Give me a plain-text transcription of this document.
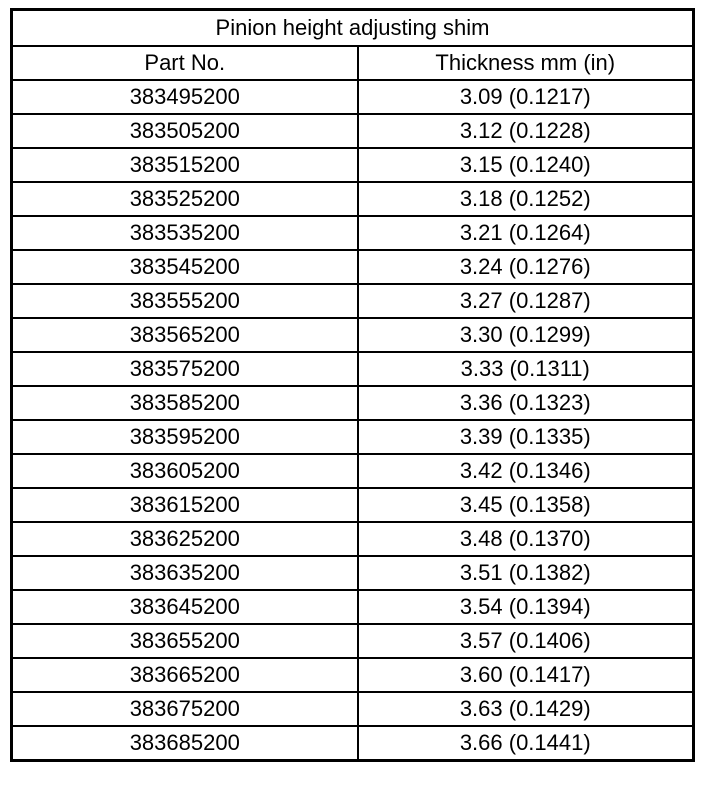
Pinion height adjusting shim	
Part No.	Thickness mm (in)
383495200	3.09 (0.1217)
383505200	3.12 (0.1228)
383515200	3.15 (0.1240)
383525200	3.18 (0.1252)
383535200	3.21 (0.1264)
383545200	3.24 (0.1276)
383555200	3.27 (0.1287)
383565200	3.30 (0.1299)
383575200	3.33 (0.1311)
383585200	3.36 (0.1323)
383595200	3.39 (0.1335)
383605200	3.42 (0.1346)
383615200	3.45 (0.1358)
383625200	3.48 (0.1370)
383635200	3.51 (0.1382)
383645200	3.54 (0.1394)
383655200	3.57 (0.1406)
383665200	3.60 (0.1417)
383675200	3.63 (0.1429)
383685200	3.66 (0.1441)
